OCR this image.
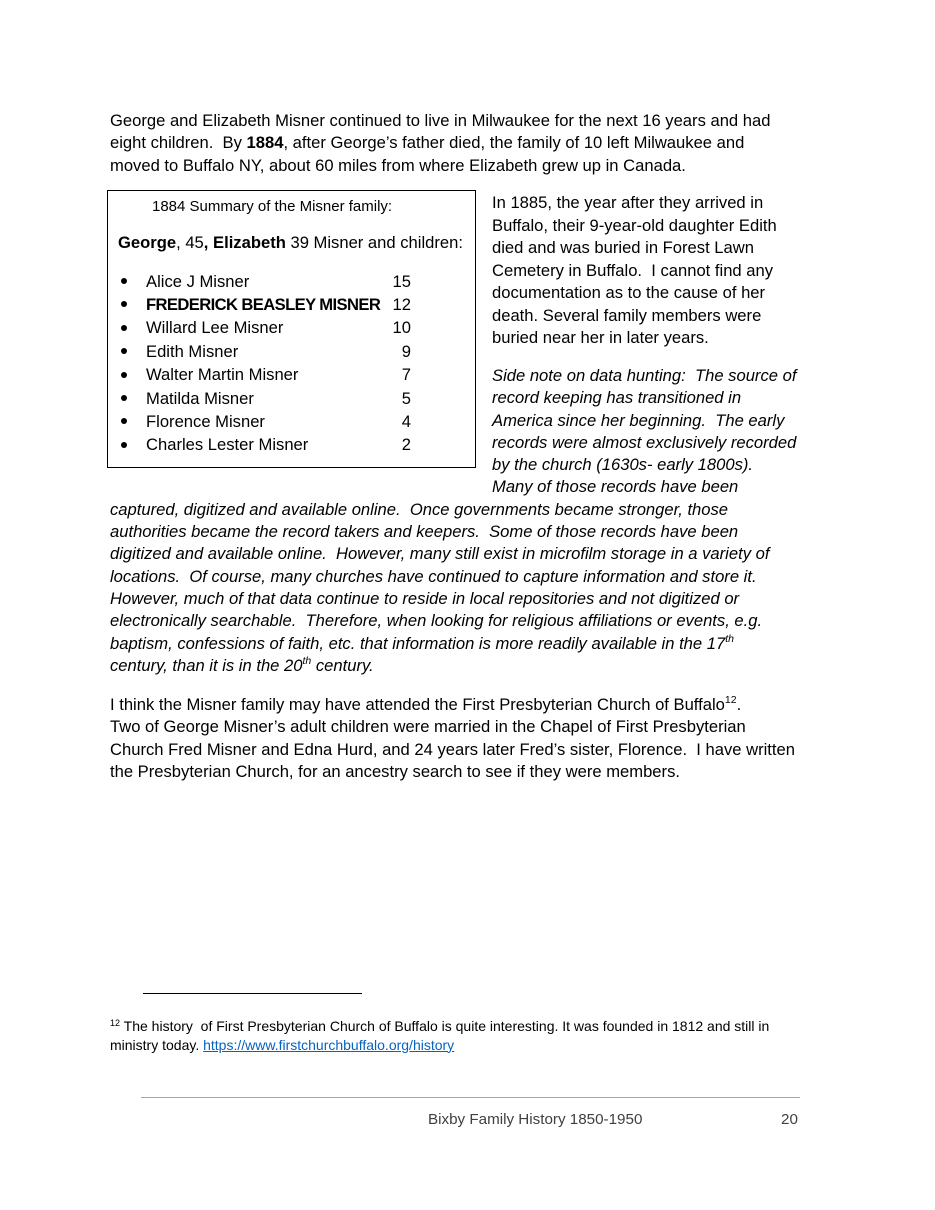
George and Elizabeth Misner continued to live in Milwaukee for the next 16 years and had
eight children.  By 1884, after George’s father died, the family of 10 left Milwaukee and
moved to Buffalo NY, about 60 miles from where Elizabeth grew up in Canada.
1884 Summary of the Misner family:
George, 45, Elizabeth 39 Misner and children:
Alice J Misner	15
FREDERICK BEASLEY MISNER 12
Willard Lee Misner	10
Edith Misner	9
Walter Martin Misner	7
Matilda Misner	5
Florence Misner	4
Charles Lester Misner	2
In 1885, the year after they arrived in
Buffalo, their 9-year-old daughter Edith
died and was buried in Forest Lawn
Cemetery in Buffalo.  I cannot find any
documentation as to the cause of her
death. Several family members were
buried near her in later years.
Side note on data hunting:  The source of
record keeping has transitioned in
America since her beginning.  The early
records were almost exclusively recorded
by the church (1630s- early 1800s).
Many of those records have been
captured, digitized and available online.  Once governments became stronger, those
authorities became the record takers and keepers.  Some of those records have been
digitized and available online.  However, many still exist in microfilm storage in a variety of
locations.  Of course, many churches have continued to capture information and store it.
However, much of that data continue to reside in local repositories and not digitized or
electronically searchable.  Therefore, when looking for religious affiliations or events, e.g.
baptism, confessions of faith, etc. that information is more readily available in the 17th
century, than it is in the 20th century.
I think the Misner family may have attended the First Presbyterian Church of Buffalo$^{12}$.
Two of George Misner’s adult children were married in the Chapel of First Presbyterian
Church Fred Misner and Edna Hurd, and 24 years later Fred’s sister, Florence.  I have written
the Presbyterian Church, for an ancestry search to see if they were members.
$^{12}$ The history  of First Presbyterian Church of Buffalo is quite interesting. It was founded in 1812 and still in
ministry today. https://www.firstchurchbuffalo.org/history
Bixby Family History 1850-1950	20
